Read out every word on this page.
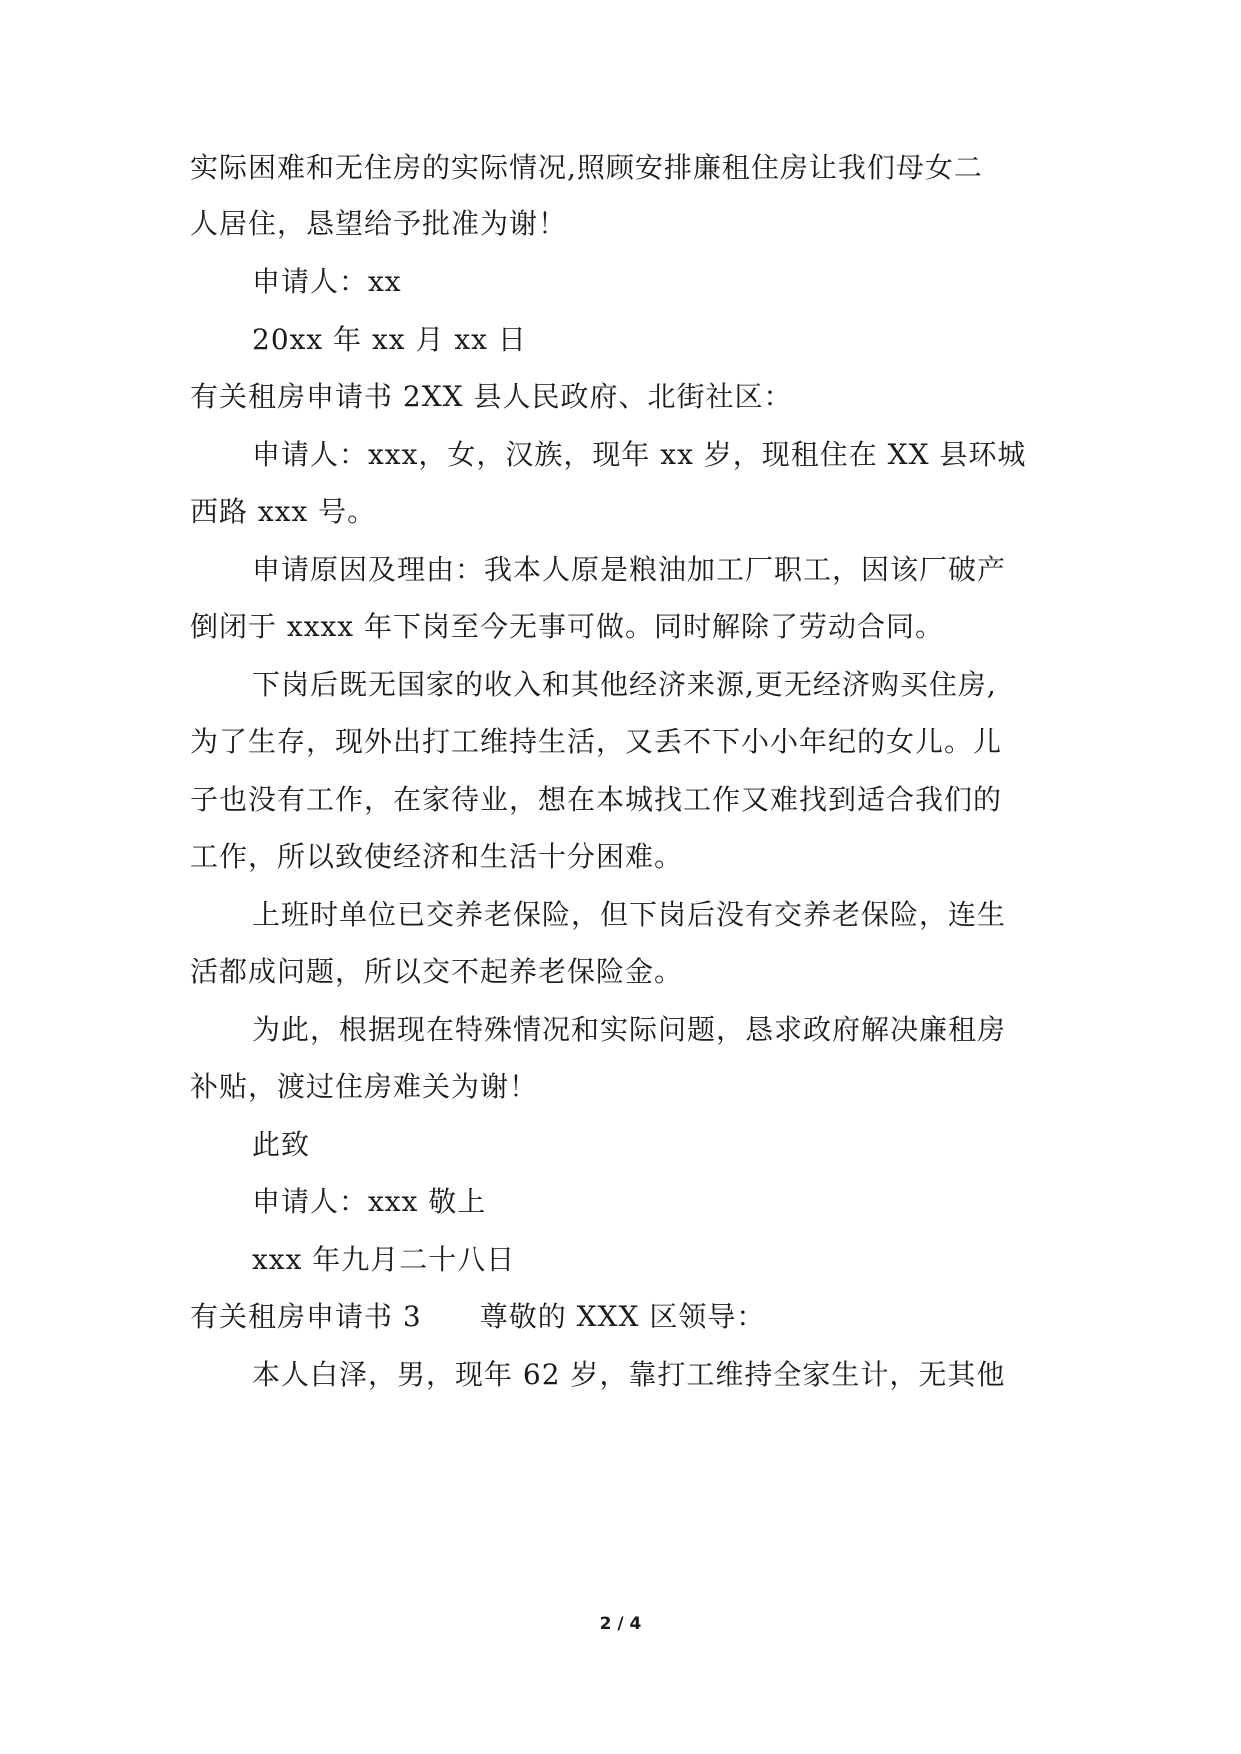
实际困难和无住房的实际情况,照顾安排廉租住房让我们母女二
人居住，恳望给予批准为谢！
申请人：xx
20xx 年 xx 月 xx 日
有关租房申请书 2XX 县人民政府、北街社区：
申请人：xxx，女，汉族，现年 xx 岁，现租住在 XX 县环城
西路 xxx 号。
申请原因及理由：我本人原是粮油加工厂职工，因该厂破产
倒闭于 xxxx 年下岗至今无事可做。同时解除了劳动合同。
下岗后既无国家的收入和其他经济来源,更无经济购买住房,
为了生存，现外出打工维持生活，又丢不下小小年纪的女儿。儿
子也没有工作，在家待业，想在本城找工作又难找到适合我们的
工作，所以致使经济和生活十分困难。
上班时单位已交养老保险，但下岗后没有交养老保险，连生
活都成问题，所以交不起养老保险金。
为此，根据现在特殊情况和实际问题，恳求政府解决廉租房
补贴，渡过住房难关为谢！
此致
申请人：xxx 敬上
xxx 年九月二十八日
有关租房申请书 3　　尊敬的 XXX 区领导：
本人白泽，男，现年 62 岁，靠打工维持全家生计，无其他
2 / 4
